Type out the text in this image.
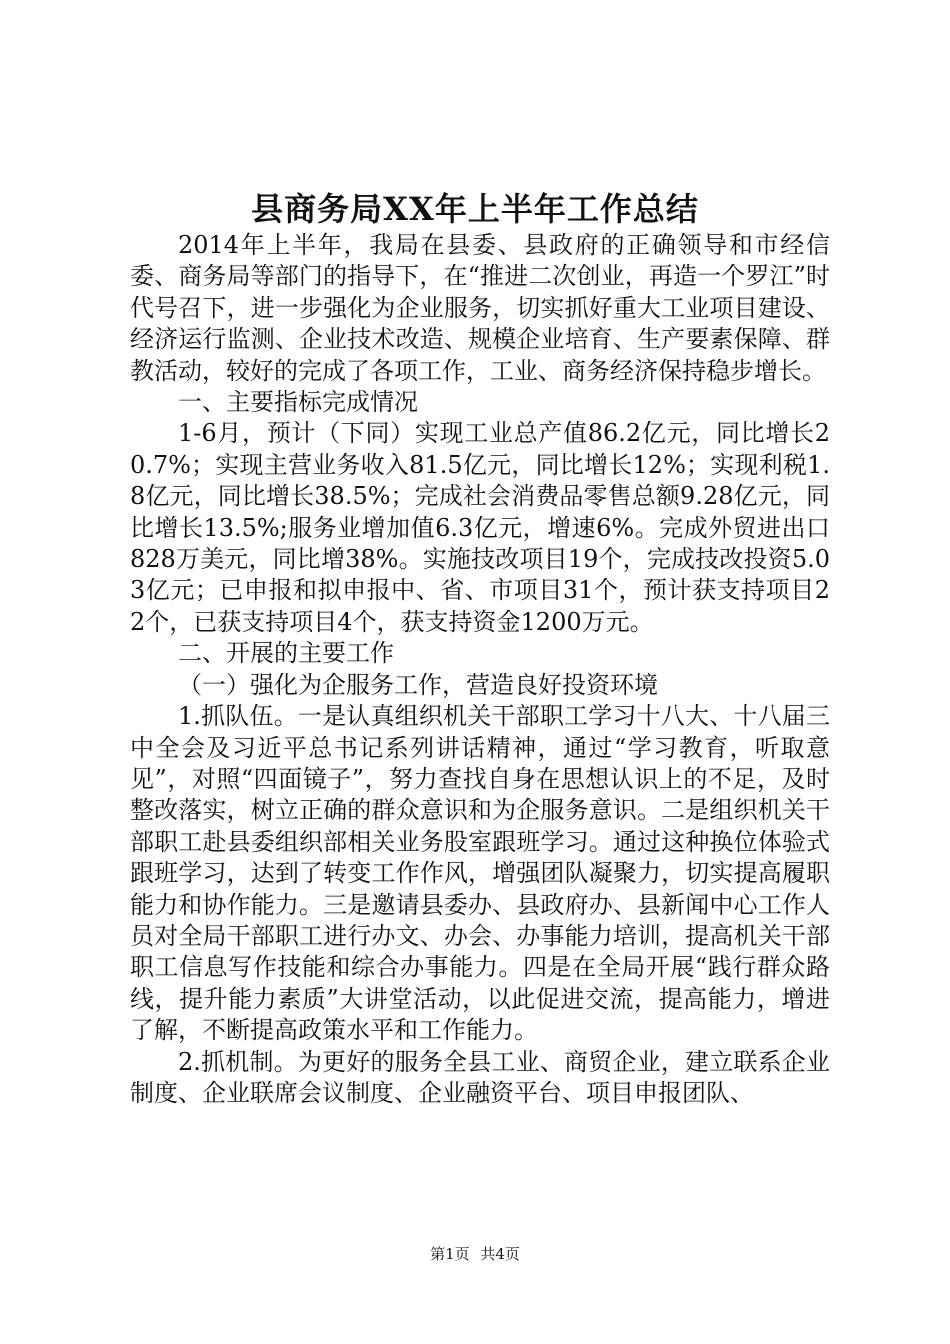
县商务局XX年上半年工作总结

2014年上半年，我局在县委、县政府的正确领导和市经信委、商务局等部门的指导下，在“推进二次创业，再造一个罗江”时代号召下，进一步强化为企业服务，切实抓好重大工业项目建设、经济运行监测、企业技术改造、规模企业培育、生产要素保障、群教活动，较好的完成了各项工作，工业、商务经济保持稳步增长。

一、主要指标完成情况

1-6月，预计（下同）实现工业总产值86.2亿元，同比增长20.7%；实现主营业务收入81.5亿元，同比增长12%；实现利税1.8亿元，同比增长38.5%；完成社会消费品零售总额9.28亿元，同比增长13.5%;服务业增加值6.3亿元，增速6%。完成外贸进出口828万美元，同比增38%。实施技改项目19个，完成技改投资5.03亿元；已申报和拟申报中、省、市项目31个，预计获支持项目22个，已获支持项目4个，获支持资金1200万元。

二、开展的主要工作

（一）强化为企服务工作，营造良好投资环境

1.抓队伍。一是认真组织机关干部职工学习十八大、十八届三中全会及习近平总书记系列讲话精神，通过“学习教育，听取意见”，对照“四面镜子”，努力查找自身在思想认识上的不足，及时整改落实，树立正确的群众意识和为企服务意识。二是组织机关干部职工赴县委组织部相关业务股室跟班学习。通过这种换位体验式跟班学习，达到了转变工作作风，增强团队凝聚力，切实提高履职能力和协作能力。三是邀请县委办、县政府办、县新闻中心工作人员对全局干部职工进行办文、办会、办事能力培训，提高机关干部职工信息写作技能和综合办事能力。四是在全局开展“践行群众路线，提升能力素质”大讲堂活动，以此促进交流，提高能力，增进了解，不断提高政策水平和工作能力。

2.抓机制。为更好的服务全县工业、商贸企业，建立联系企业制度、企业联席会议制度、企业融资平台、项目申报团队、

第1页 共4页
